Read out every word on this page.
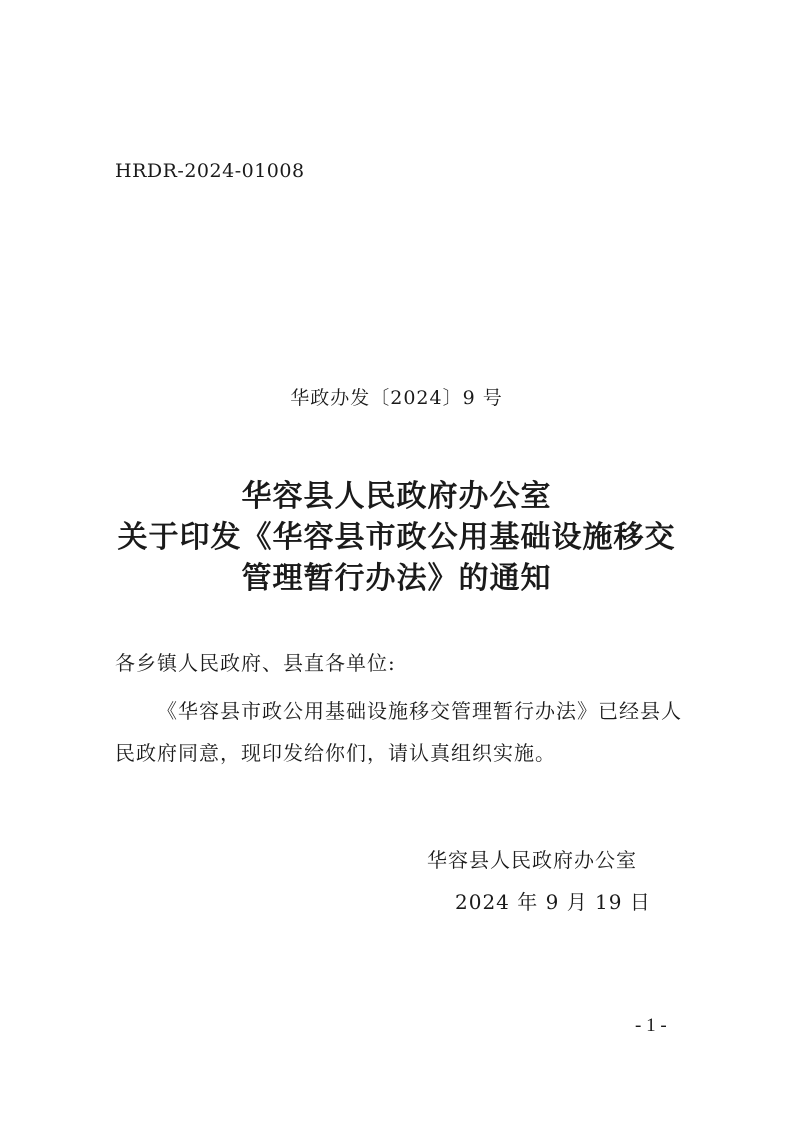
HRDR-2024-01008
华政办发〔2024〕9 号
华容县人民政府办公室
关于印发《华容县市政公用基础设施移交
管理暂行办法》的通知
各乡镇人民政府、县直各单位:
《华容县市政公用基础设施移交管理暂行办法》已经县人民政府同意，现印发给你们，请认真组织实施。
华容县人民政府办公室
2024 年 9 月 19 日
- 1 -
